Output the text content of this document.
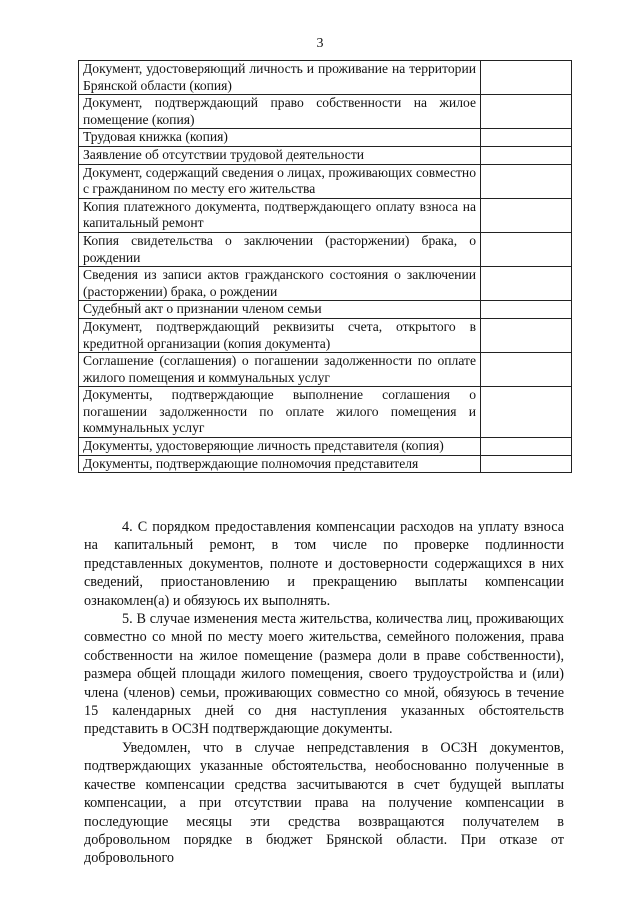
3
Документ, удостоверяющий личность и проживание на территории Брянской области (копия)	
Документ, подтверждающий право собственности на жилое помещение (копия)	
Трудовая книжка (копия)	
Заявление об отсутствии трудовой деятельности	
Документ, содержащий сведения о лицах, проживающих совместно с гражданином по месту его жительства	
Копия платежного документа, подтверждающего оплату взноса на капитальный ремонт	
Копия свидетельства о заключении (расторжении) брака, о рождении	
Сведения из записи актов гражданского состояния о заключении (расторжении) брака, о рождении	
Судебный акт о признании членом семьи	
Документ, подтверждающий реквизиты счета, открытого в кредитной организации (копия документа)	
Соглашение (соглашения) о погашении задолженности по оплате жилого помещения и коммунальных услуг	
Документы, подтверждающие выполнение соглашения о погашении задолженности по оплате жилого помещения и коммунальных услуг	
Документы, удостоверяющие личность представителя (копия)	
Документы, подтверждающие полномочия представителя	

4. С порядком предоставления компенсации расходов на уплату взноса на капитальный ремонт, в том числе по проверке подлинности представленных документов, полноте и достоверности содержащихся в них сведений, приостановлению и прекращению выплаты компенсации ознакомлен(а) и обязуюсь их выполнять.

5. В случае изменения места жительства, количества лиц, проживающих совместно со мной по месту моего жительства, семейного положения, права собственности на жилое помещение (размера доли в праве собственности), размера общей площади жилого помещения, своего трудоустройства и (или) члена (членов) семьи, проживающих совместно со мной, обязуюсь в течение 15 календарных дней со дня наступления указанных обстоятельств представить в ОСЗН подтверждающие документы.

Уведомлен, что в случае непредставления в ОСЗН документов, подтверждающих указанные обстоятельства, необоснованно полученные в качестве компенсации средства засчитываются в счет будущей выплаты компенсации, а при отсутствии права на получение компенсации в последующие месяцы эти средства возвращаются получателем в добровольном порядке в бюджет Брянской области. При отказе от добровольного
